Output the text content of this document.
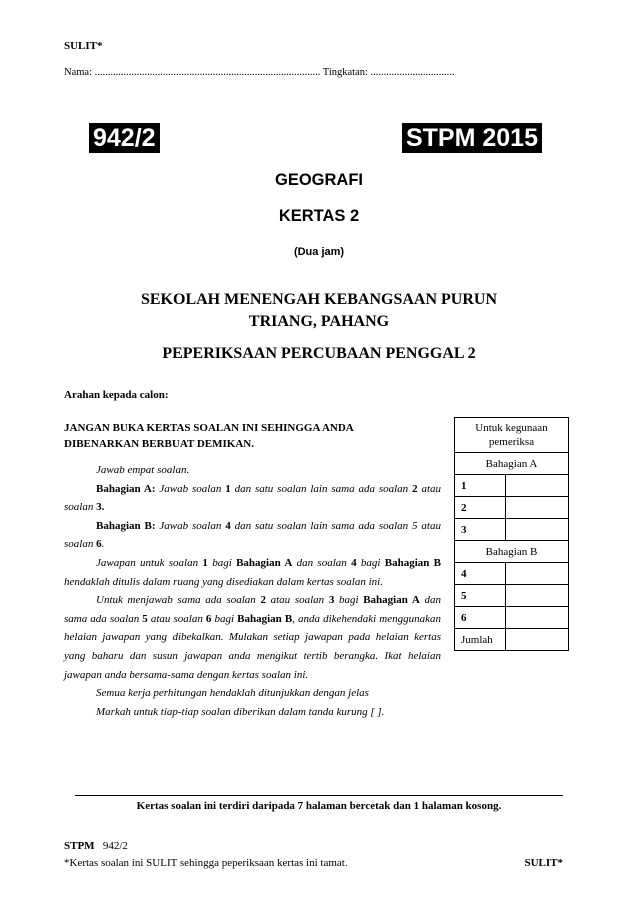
SULIT*
Nama: ...................................................................................... Tingkatan: ................................
942/2	STPM 2015
GEOGRAFI
KERTAS 2
(Dua jam)
SEKOLAH MENENGAH KEBANGSAAN PURUN
TRIANG, PAHANG
PEPERIKSAAN PERCUBAAN PENGGAL 2
Arahan kepada calon:
JANGAN BUKA KERTAS SOALAN INI SEHINGGA ANDA
DIBENARKAN BERBUAT DEMIKAN.

Jawab empat soalan.

Bahagian A: Jawab soalan 1 dan satu soalan lain sama ada soalan 2 atau soalan 3.

Bahagian B: Jawab soalan 4 dan satu soalan lain sama ada soalan 5 atau soalan 6.

Jawapan untuk soalan 1 bagi Bahagian A dan soalan 4 bagi Bahagian B hendaklah ditulis dalam ruang yang disediakan dalam kertas soalan ini.

Untuk menjawab sama ada soalan 2 atau soalan 3 bagi Bahagian A dan sama ada soalan 5 atau soalan 6 bagi Bahagian B, anda dikehendaki menggunakan helaian jawapan yang dibekalkan. Mulakan setiap jawapan pada helaian kertas yang baharu dan susun jawapan anda mengikut tertib berangka. Ikat helaian jawapan anda bersama-sama dengan kertas soalan ini.

Semua kerja perhitungan hendaklah ditunjukkan dengan jelas

Markah untuk tiap-tiap soalan diberikan dalam tanda kurung [ ].

Untuk kegunaan pemeriksa	
Bahagian A	
1	
2	
3	
Bahagian B	
4	
5	
6	
Jumlah	
Kertas soalan ini terdiri daripada 7 halaman bercetak dan 1 halaman kosong.
STPM 942/2
*Kertas soalan ini SULIT sehingga peperiksaan kertas ini tamat.	SULIT*
